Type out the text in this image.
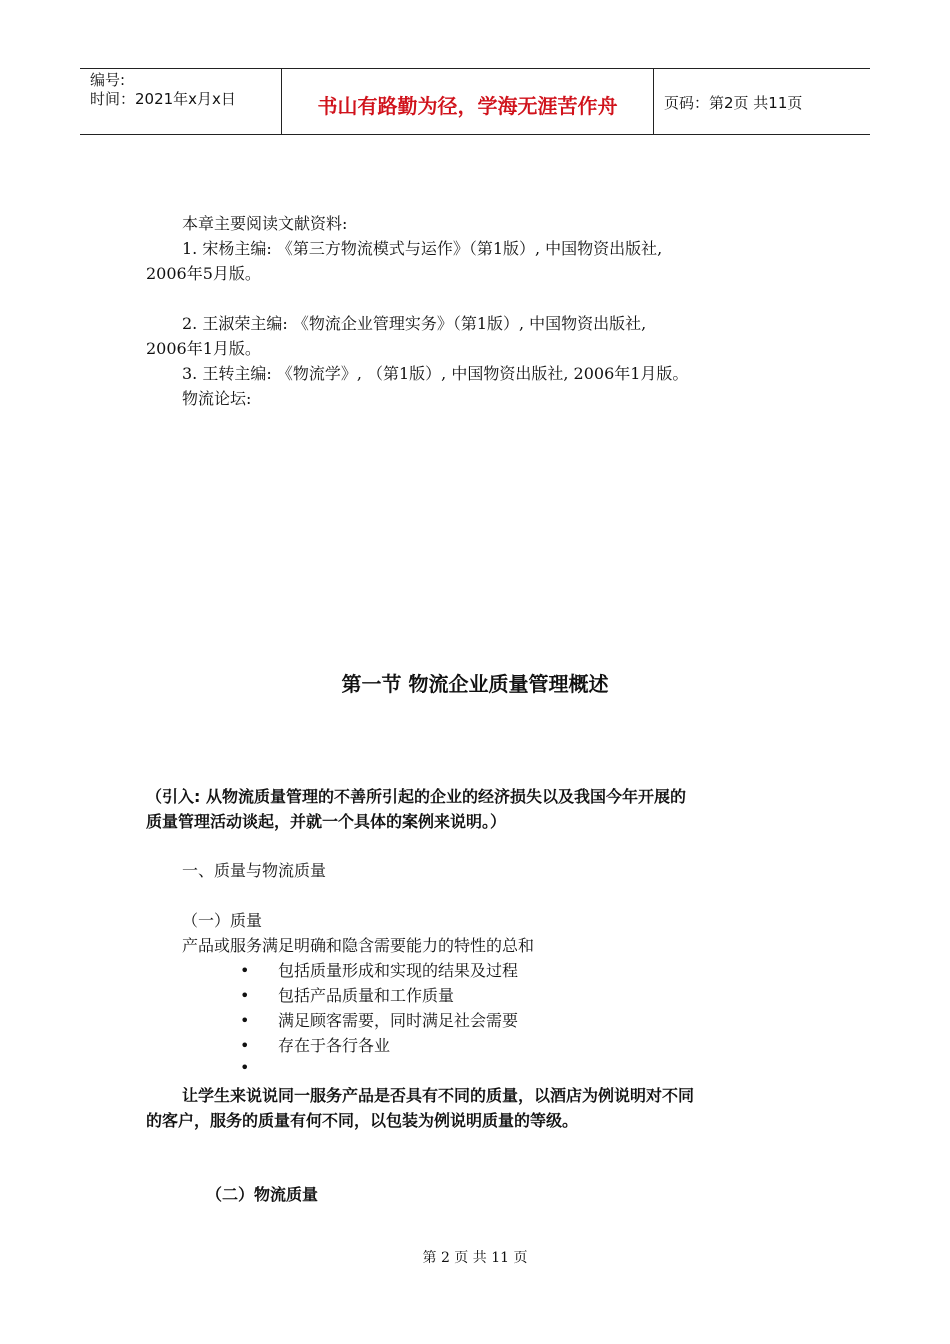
编号:
时间：2021年x月x日	书山有路勤为径，学海无涯苦作舟	页码：第2页 共11页
本章主要阅读文献资料:
1. 宋杨主编: 《第三方物流模式与运作》（第1版）, 中国物资出版社,
2006年5月版。
2. 王淑荣主编: 《物流企业管理实务》（第1版）, 中国物资出版社,
2006年1月版。
3. 王转主编: 《物流学》, （第1版）, 中国物资出版社, 2006年1月版。
物流论坛:
第一节 物流企业质量管理概述
（引入: 从物流质量管理的不善所引起的企业的经济损失以及我国今年开展的
质量管理活动谈起，并就一个具体的案例来说明。）
一、质量与物流质量
（一）质量
产品或服务满足明确和隐含需要能力的特性的总和
• 包括质量形成和实现的结果及过程
• 包括产品质量和工作质量
• 满足顾客需要，同时满足社会需要
• 存在于各行各业
•
让学生来说说同一服务产品是否具有不同的质量，以酒店为例说明对不同
的客户，服务的质量有何不同，以包装为例说明质量的等级。
（二）物流质量
第 2 页 共 11 页
